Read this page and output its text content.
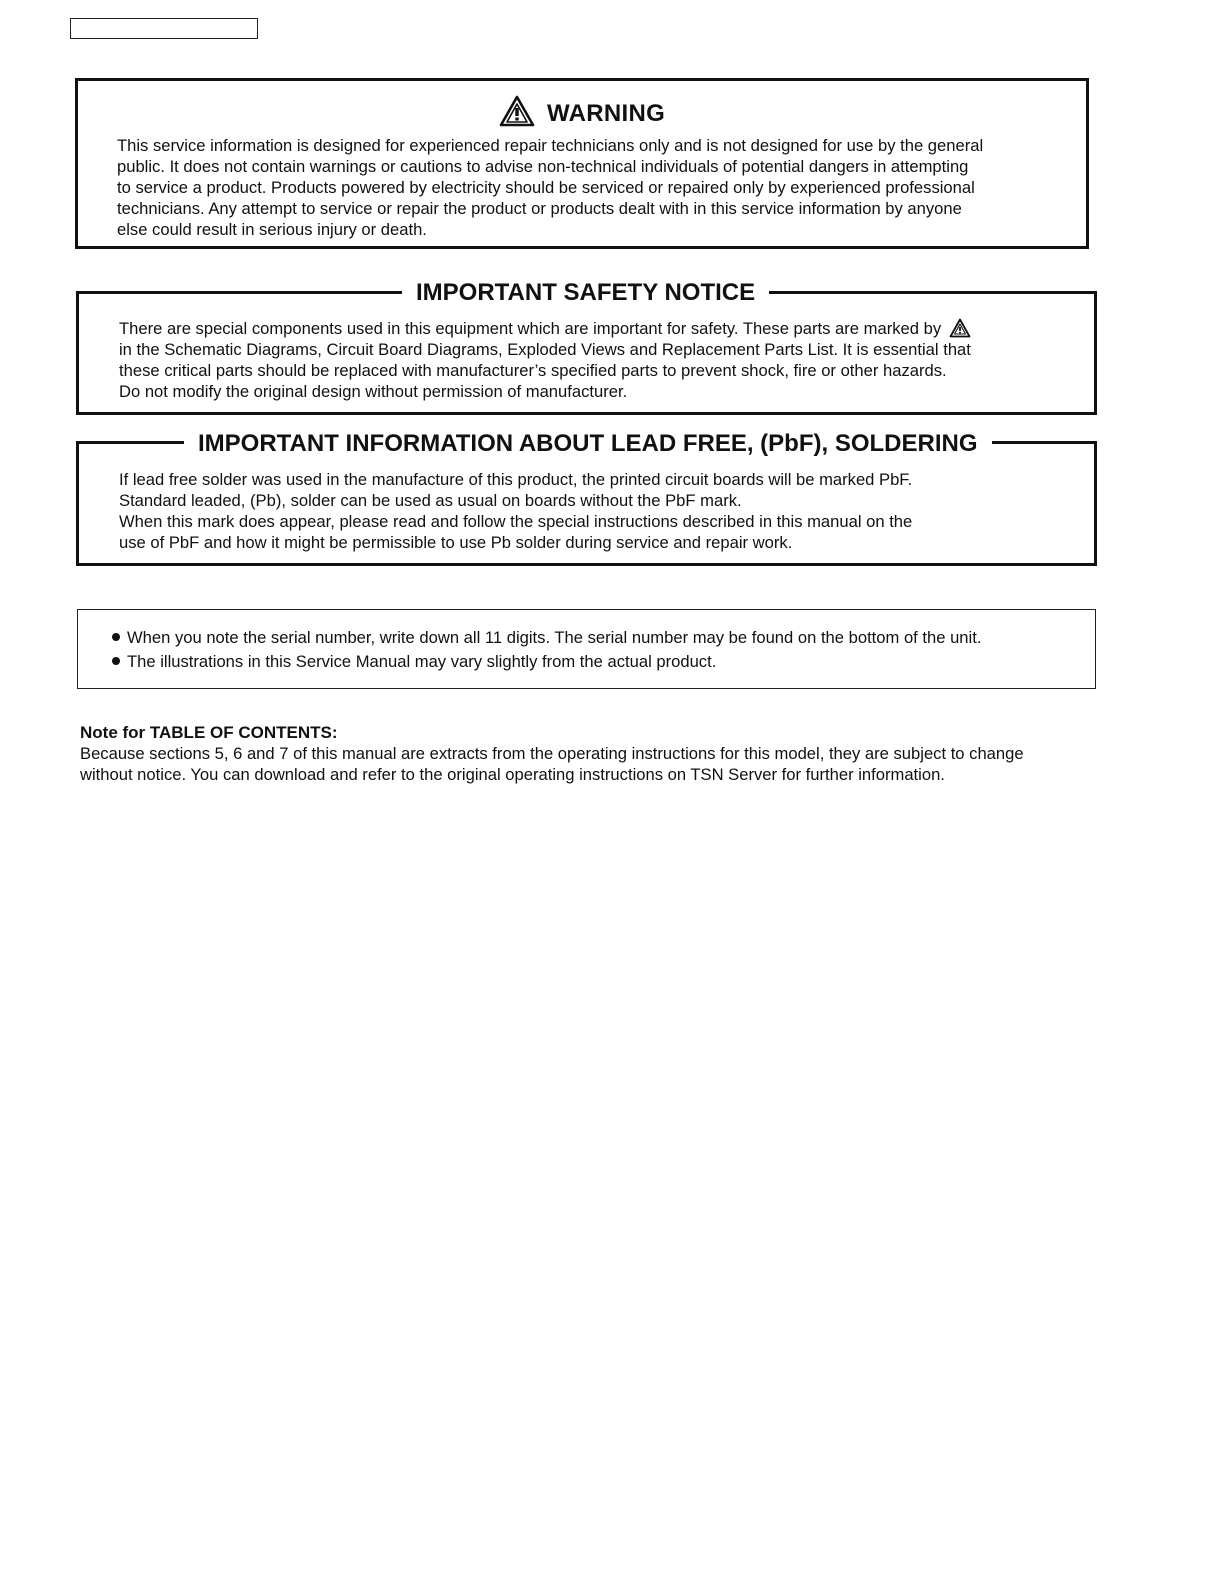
WARNING
This service information is designed for experienced repair technicians only and is not designed for use by the general
public. It does not contain warnings or cautions to advise non-technical individuals of potential dangers in attempting
to service a product. Products powered by electricity should be serviced or repaired only by experienced professional
technicians. Any attempt to service or repair the product or products dealt with in this service information by anyone
else could result in serious injury or death.
There are special components used in this equipment which are important for safety. These parts are marked by
in the Schematic Diagrams, Circuit Board Diagrams, Exploded Views and Replacement Parts List. It is essential that
these critical parts should be replaced with manufacturer’s specified parts to prevent shock, fire or other hazards.
Do not modify the original design without permission of manufacturer.
IMPORTANT SAFETY NOTICE
If lead free solder was used in the manufacture of this product, the printed circuit boards will be marked PbF.
Standard leaded, (Pb), solder can be used as usual on boards without the PbF mark.
When this mark does appear, please read and follow the special instructions described in this manual on the
use of PbF and how it might be permissible to use Pb solder during service and repair work.
IMPORTANT INFORMATION ABOUT LEAD FREE, (PbF), SOLDERING
When you note the serial number, write down all 11 digits. The serial number may be found on the bottom of the unit.
The illustrations in this Service Manual may vary slightly from the actual product.
Note for TABLE OF CONTENTS:
Because sections 5, 6 and 7 of this manual are extracts from the operating instructions for this model, they are subject to change
without notice. You can download and refer to the original operating instructions on TSN Server for further information.
